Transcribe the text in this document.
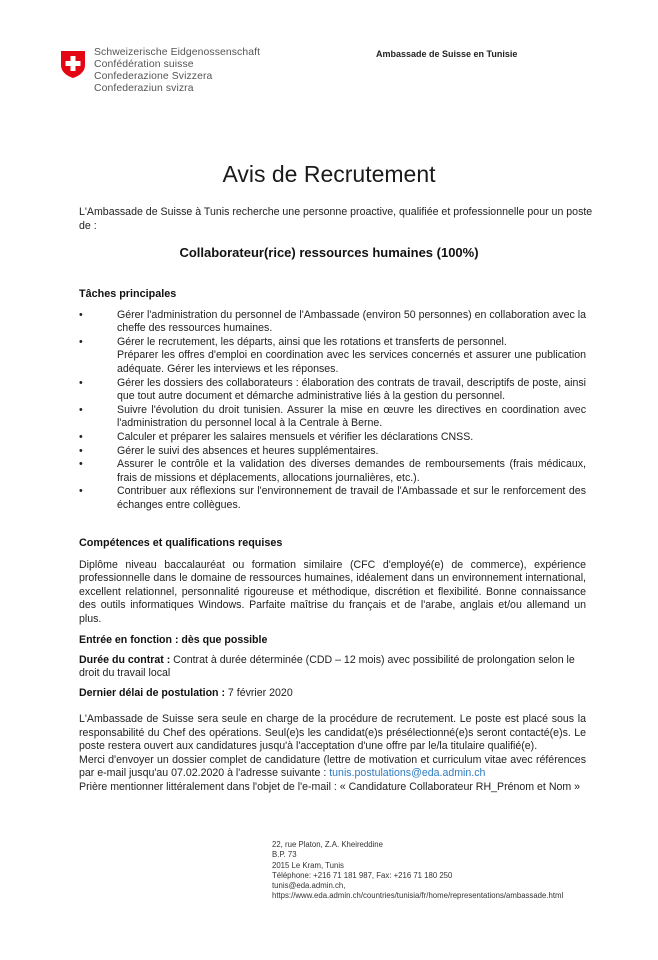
Schweizerische Eidgenossenschaft
Confédération suisse
Confederazione Svizzera
Confederaziun svizra
Ambassade de Suisse en Tunisie
Avis de Recrutement
L'Ambassade de Suisse à Tunis recherche une personne proactive, qualifiée et professionnelle pour un poste de :
Collaborateur(rice) ressources humaines (100%)
Tâches principales
•	Gérer l'administration du personnel de l'Ambassade (environ 50 personnes) en collaboration avec la cheffe des ressources humaines.
•	Gérer le recrutement, les départs, ainsi que les rotations et transferts de personnel.
Préparer les offres d'emploi en coordination avec les services concernés et assurer une publication adéquate. Gérer les interviews et les réponses.
•	Gérer les dossiers des collaborateurs : élaboration des contrats de travail, descriptifs de poste, ainsi que tout autre document et démarche administrative liés à la gestion du personnel.
•	Suivre l'évolution du droit tunisien. Assurer la mise en œuvre les directives en coordination avec l'administration du personnel local à la Centrale à Berne.
•	Calculer et préparer les salaires mensuels et vérifier les déclarations CNSS.
•	Gérer le suivi des absences et heures supplémentaires.
•	Assurer le contrôle et la validation des diverses demandes de remboursements (frais médicaux, frais de missions et déplacements, allocations journalières, etc.).
•	Contribuer aux réflexions sur l'environnement de travail de l'Ambassade et sur le renforcement des échanges entre collègues.
Compétences et qualifications requises

Diplôme niveau baccalauréat ou formation similaire (CFC d'employé(e) de commerce), expérience professionnelle dans le domaine de ressources humaines, idéalement dans un environnement international, excellent relationnel, personnalité rigoureuse et méthodique, discrétion et flexibilité. Bonne connaissance des outils informatiques Windows. Parfaite maîtrise du français et de l'arabe, anglais et/ou allemand un plus.

Entrée en fonction : dès que possible
Durée du contrat : Contrat à durée déterminée (CDD – 12 mois) avec possibilité de prolongation selon le droit du travail local
Dernier délai de postulation : 7 février 2020

L'Ambassade de Suisse sera seule en charge de la procédure de recrutement. Le poste est placé sous la responsabilité du Chef des opérations. Seul(e)s les candidat(e)s présélectionné(e)s seront contacté(e)s. Le poste restera ouvert aux candidatures jusqu'à l'acceptation d'une offre par le/la titulaire qualifié(e).

Merci d'envoyer un dossier complet de candidature (lettre de motivation et curriculum vitae avec références par e-mail jusqu'au 07.02.2020 à l'adresse suivante : tunis.postulations@eda.admin.ch

Prière mentionner littéralement dans l'objet de l'e-mail : « Candidature Collaborateur RH_Prénom et Nom »

22, rue Platon, Z.A. Kheireddine
B.P. 73
2015 Le Kram, Tunis
Téléphone: +216 71 181 987, Fax: +216 71 180 250
tunis@eda.admin.ch,
https://www.eda.admin.ch/countries/tunisia/fr/home/representations/ambassade.html
